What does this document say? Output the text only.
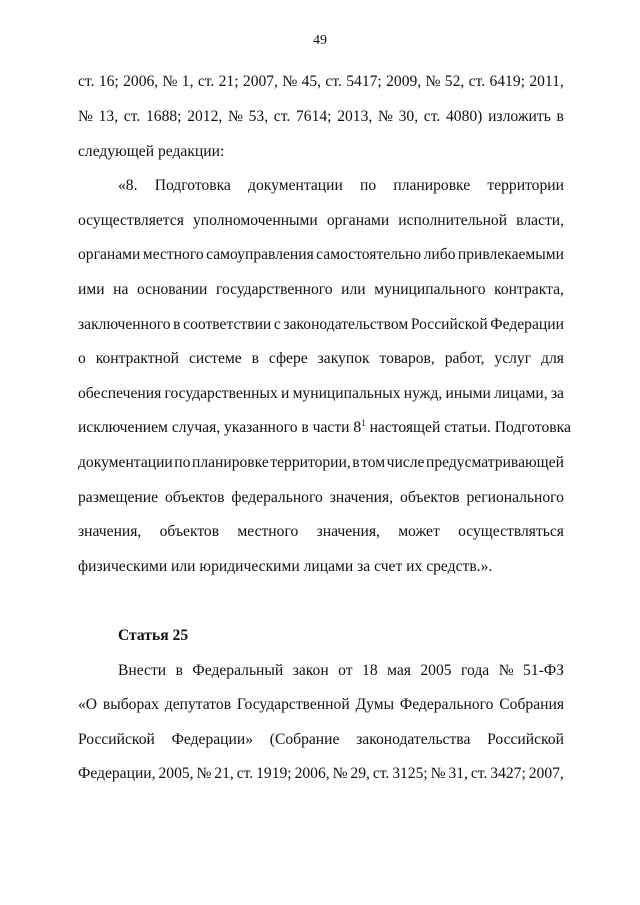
49
ст. 16; 2006, № 1, ст. 21; 2007, № 45, ст. 5417; 2009, № 52, ст. 6419; 2011,
№ 13, ст. 1688; 2012, № 53, ст. 7614; 2013, № 30, ст. 4080) изложить в
следующей редакции:
«8. Подготовка документации по планировке территории
осуществляется уполномоченными органами исполнительной власти,
органами местного самоуправления самостоятельно либо привлекаемыми
ими на основании государственного или муниципального контракта,
заключенного в соответствии с законодательством Российской Федерации
о контрактной системе в сфере закупок товаров, работ, услуг для
обеспечения государственных и муниципальных нужд, иными лицами, за
исключением случая, указанного в части $8^1$ настоящей статьи. Подготовка
документации по планировке территории, в том числе предусматривающей
размещение объектов федерального значения, объектов регионального
значения, объектов местного значения, может осуществляться
физическими или юридическими лицами за счет их средств.».
Статья 25
Внести в Федеральный закон от 18 мая 2005 года № 51-ФЗ
«О выборах депутатов Государственной Думы Федерального Собрания
Российской Федерации» (Собрание законодательства Российской
Федерации, 2005, № 21, ст. 1919; 2006, № 29, ст. 3125; № 31, ст. 3427; 2007,
